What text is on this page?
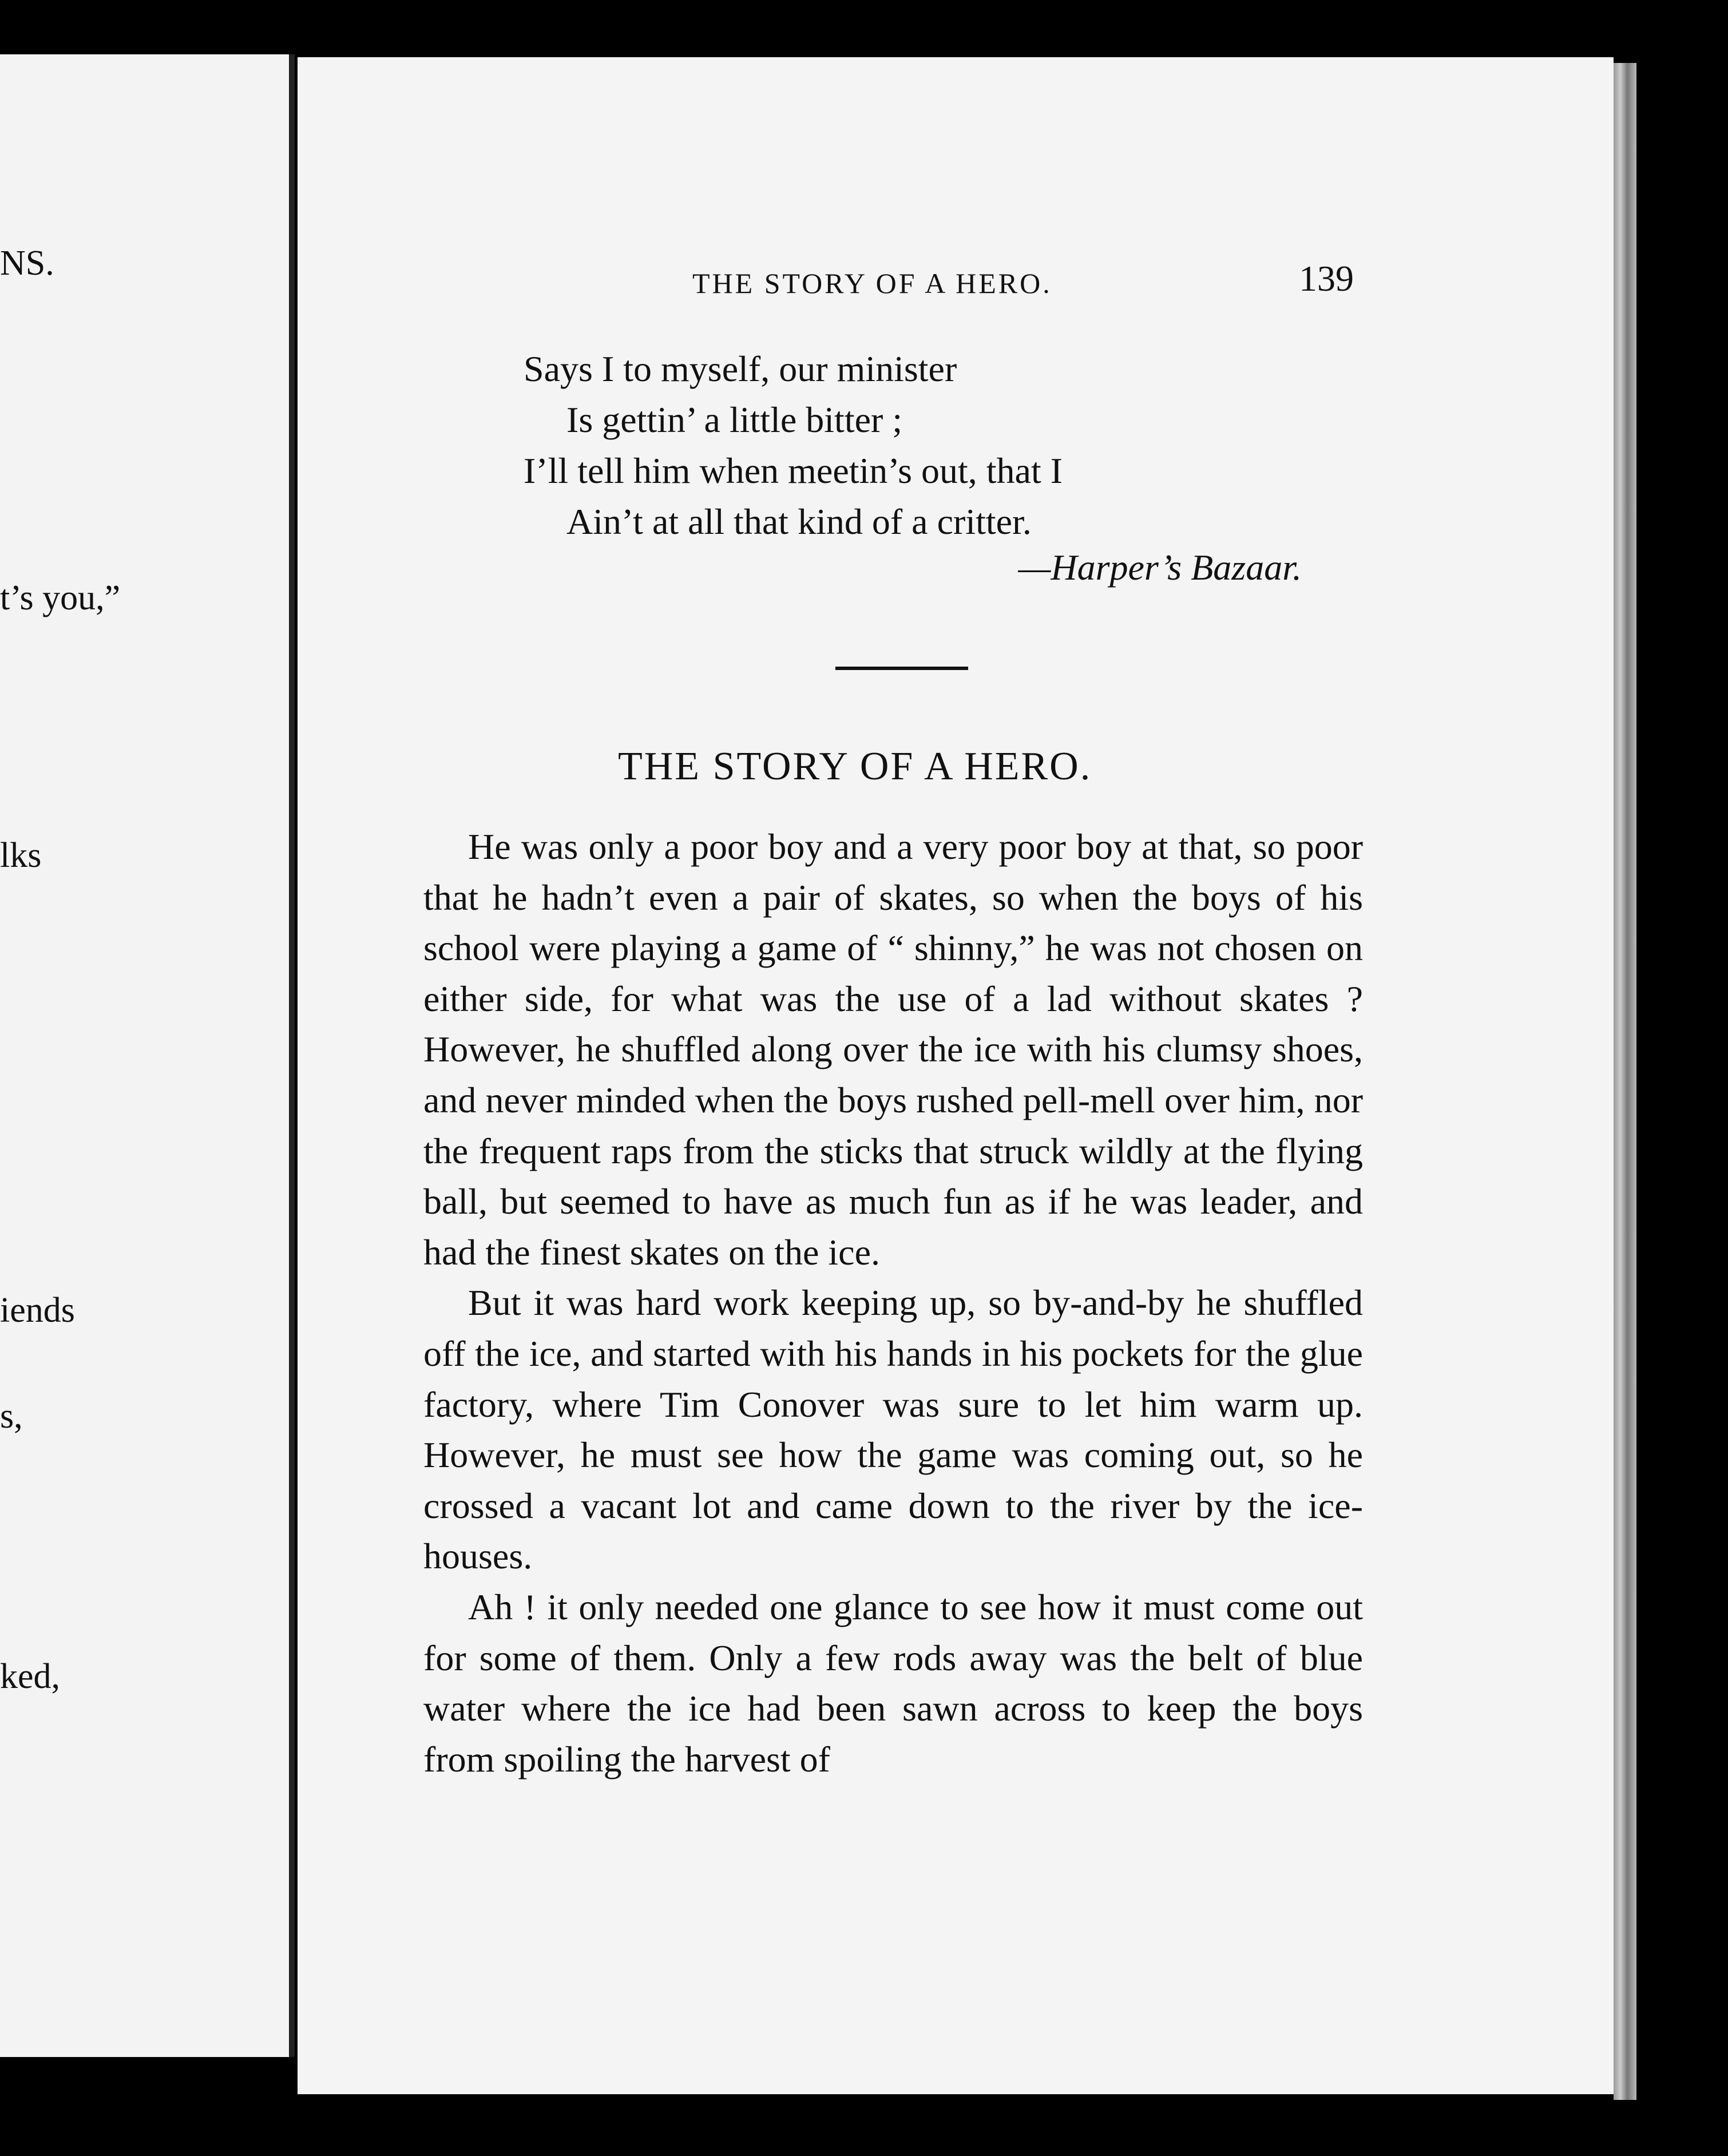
NS.
t’s you,”
lks
iends
s,
ked,
THE STORY OF A HERO.	139
Says I to myself, our minister
Is gettin’ a little bitter ;
I’ll tell him when meetin’s out, that I
Ain’t at all that kind of a critter.
—Harper’s Bazaar.
THE STORY OF A HERO.

He was only a poor boy and a very poor boy at that, so poor that he hadn’t even a pair of skates, so when the boys of his school were playing a game of “ shinny,” he was not chosen on either side, for what was the use of a lad without skates ? However, he shuffled along over the ice with his clumsy shoes, and never minded when the boys rushed pell-mell over him, nor the frequent raps from the sticks that struck wildly at the flying ball, but seemed to have as much fun as if he was leader, and had the finest skates on the ice.

But it was hard work keeping up, so by-and-by he shuffled off the ice, and started with his hands in his pockets for the glue factory, where Tim Conover was sure to let him warm up. However, he must see how the game was coming out, so he crossed a vacant lot and came down to the river by the ice-houses.

Ah ! it only needed one glance to see how it must come out for some of them. Only a few rods away was the belt of blue water where the ice had been sawn across to keep the boys from spoiling the harvest of
